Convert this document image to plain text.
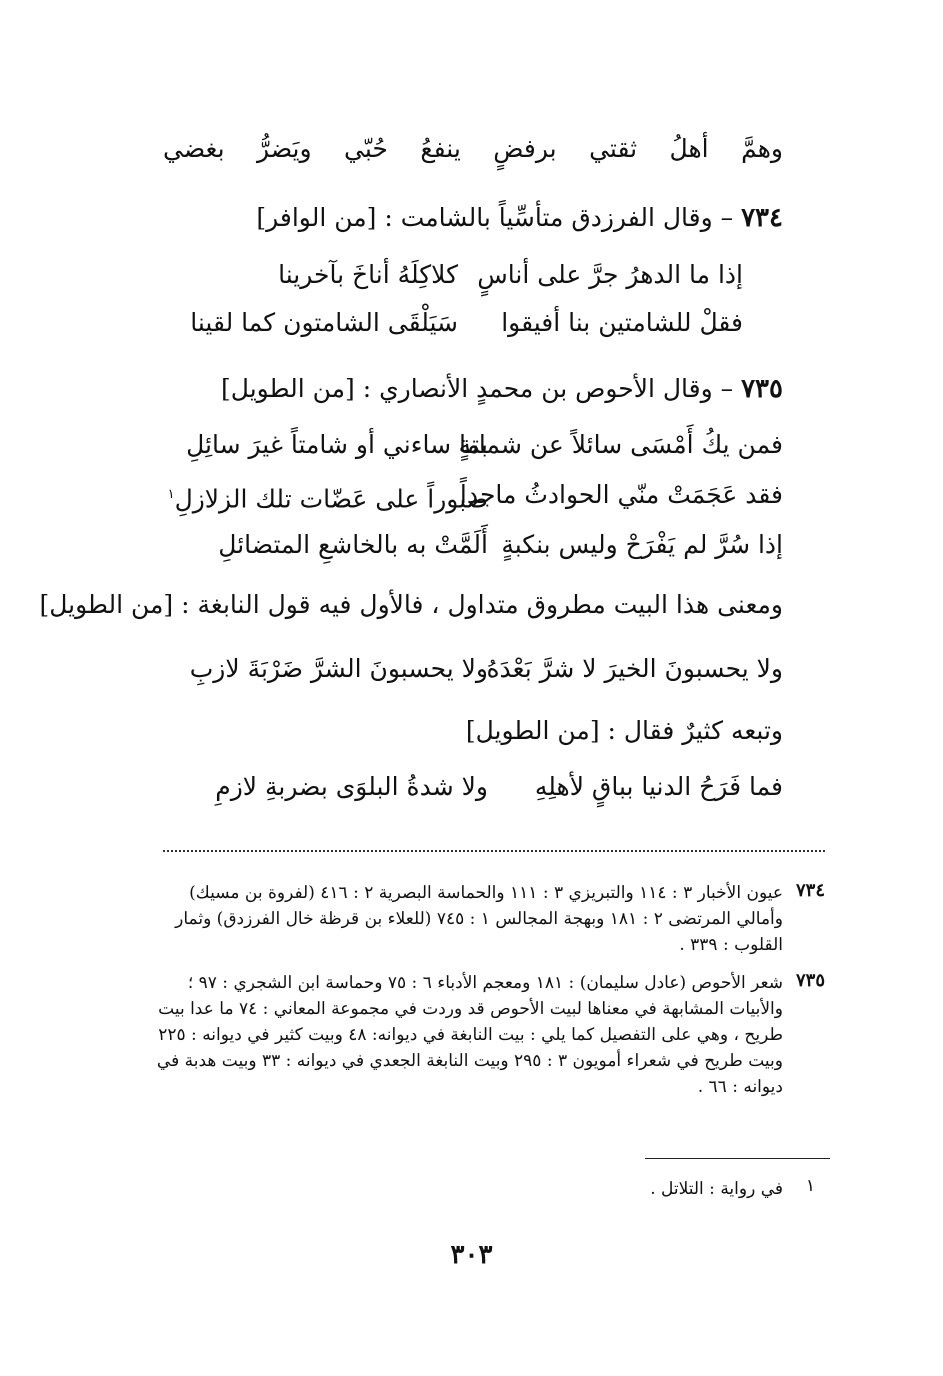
وهمَّ أهلُ ثقتي برفضٍ ينفعُ حُبّي ويَضرُّ بغضي
٧٣٤ – وقال الفرزدق متأسِّياً بالشامت : [من الوافر]
إذا ما الدهرُ جرَّ على أناسٍ
كلاكِلَهُ أناخَ بآخرينا
فقلْ للشامتين بنا أفيقوا
سَيَلْقَى الشامتون كما لقينا
٧٣٥ – وقال الأحوص بن محمدٍ الأنصاري : [من الطويل]
فمن يكُ أَمْسَى سائلاً عن شماتةٍ
بما ساءني أو شامتاً غيرَ سائِلِ
فقد عَجَمَتْ منّي الحوادثُ ماجداً
صبوراً على عَضّات تلك الزلازلِ$^١$
إذا سُرَّ لم يَفْرَحْ وليس بنكبةٍ
أَلَمَّتْ به بالخاشعِ المتضائلِ
ومعنى هذا البيت مطروق متداول ، فالأول فيه قول النابغة : [من الطويل]
ولا يحسبونَ الخيرَ لا شرَّ بَعْدَهُ
ولا يحسبونَ الشرَّ ضَرْبَةَ لازبِ
وتبعه كثيرٌ فقال : [من الطويل]
فما فَرَحُ الدنيا بباقٍ لأهلِهِ
ولا شدةُ البلوَى بضربةِ لازمِ
٧٣٤
عيون الأخبار ٣ : ١١٤ والتبريزي ٣ : ١١١ والحماسة البصرية ٢ : ٤١٦ (لفروة بن مسيك)
وأمالي المرتضى ٢ : ١٨١ وبهجة المجالس ١ : ٧٤٥ (للعلاء بن قرظة خال الفرزدق) وثمار
القلوب : ٣٣٩ .
٧٣٥
شعر الأحوص (عادل سليمان) : ١٨١ ومعجم الأدباء ٦ : ٧٥ وحماسة ابن الشجري : ٩٧ ؛
والأبيات المشابهة في معناها لبيت الأحوص قد وردت في مجموعة المعاني : ٧٤ ما عدا بيت
طريح ، وهي على التفصيل كما يلي : بيت النابغة في ديوانه: ٤٨ وبيت كثير في ديوانه : ٢٢٥
وبيت طريح في شعراء أمويون ٣ : ٢٩٥ وبيت النابغة الجعدي في ديوانه : ٣٣ وبيت هدبة في
ديوانه : ٦٦ .
١
في رواية : التلاتل .
٣٠٣
